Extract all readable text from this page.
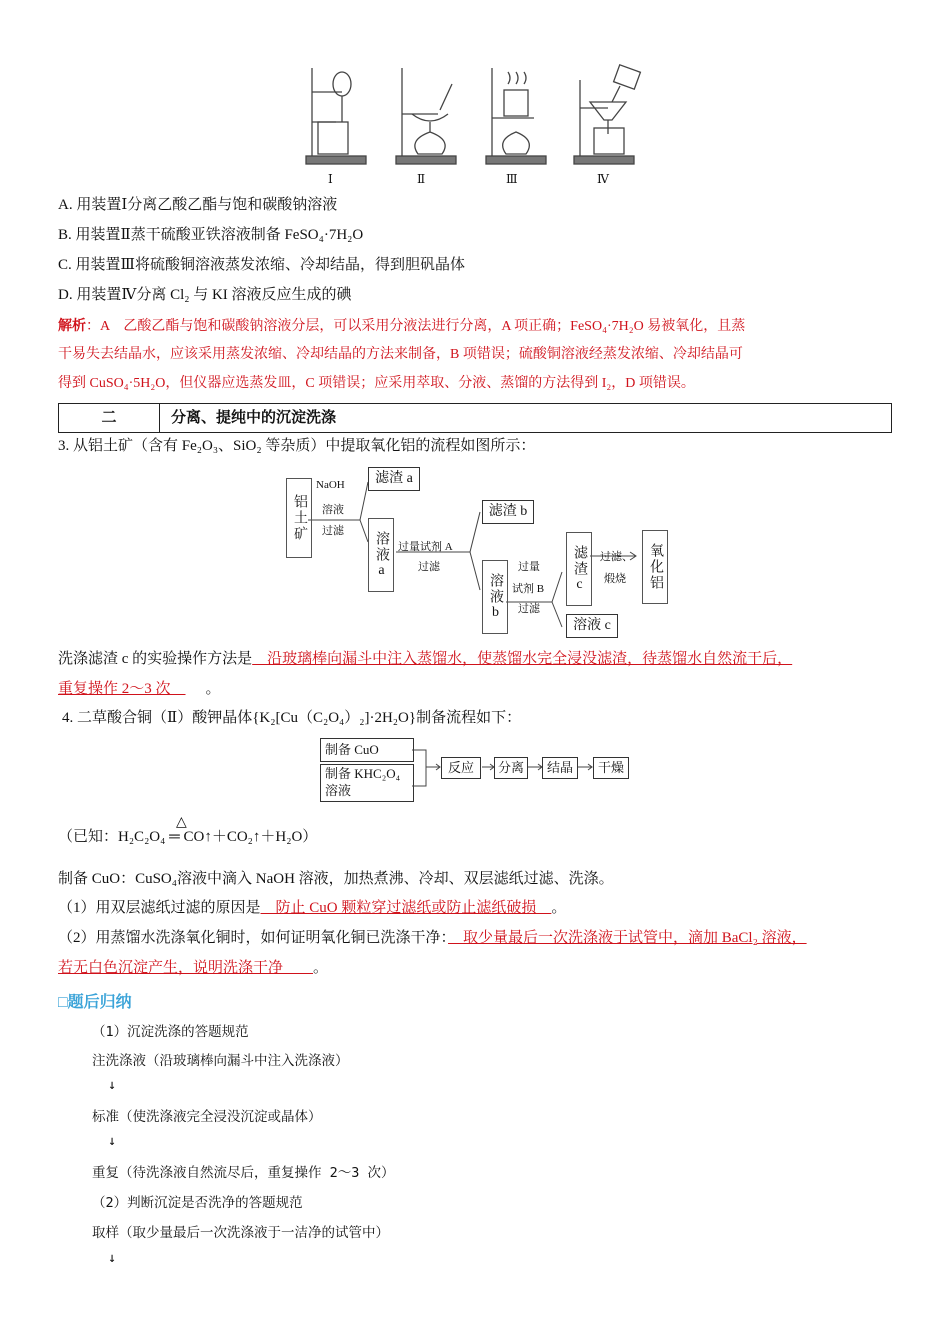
Ⅰ	Ⅱ	Ⅲ	Ⅳ
A. 用装置Ⅰ分离乙酸乙酯与饱和碳酸钠溶液
B. 用装置Ⅱ蒸干硫酸亚铁溶液制备 FeSO₄·7H₂O
C. 用装置Ⅲ将硫酸铜溶液蒸发浓缩、冷却结晶，得到胆矾晶体
D. 用装置Ⅳ分离 Cl₂ 与 KI 溶液反应生成的碘
解析：A　乙酸乙酯与饱和碳酸钠溶液分层，可以采用分液法进行分离，A 项正确；FeSO₄·7H₂O 易被氧化，且蒸
干易失去结晶水，应该采用蒸发浓缩、冷却结晶的方法来制备，B 项错误；硫酸铜溶液经蒸发浓缩、冷却结晶可
得到 CuSO₄·5H₂O，但仪器应选蒸发皿，C 项错误；应采用萃取、分液、蒸馏的方法得到 I₂，D 项错误。
二	分离、提纯中的沉淀洗涤
3. 从铝土矿（含有 Fe₂O₃、SiO₂ 等杂质）中提取氧化铝的流程如图所示：
铝土矿
NaOH
溶液
过滤
滤渣 a
溶液a 过量试剂 A
过滤
滤渣 b
溶液b
过量
试剂 B
过滤
滤渣c
溶液 c
过滤、
煅烧	氧化铝
洗涤滤渣 c 的实验操作方法是　沿玻璃棒向漏斗中注入蒸馏水，使蒸馏水完全浸没滤渣，待蒸馏水自然流干后，
重复操作 2～3 次　。
4. 二草酸合铜（Ⅱ）酸钾晶体{K₂[Cu（C₂O₄）₂]·2H₂O}制备流程如下：
制备 CuO
制备 KHC₂O₄
溶液
反应	分离	结晶	干燥
△
（已知：H₂C₂O₄ ═ CO↑＋CO₂↑＋H₂O）
制备 CuO：CuSO₄溶液中滴入 NaOH 溶液，加热煮沸、冷却、双层滤纸过滤、洗涤。
（1）用双层滤纸过滤的原因是　防止 CuO 颗粒穿过滤纸或防止滤纸破损　。
（2）用蒸馏水洗涤氧化铜时，如何证明氧化铜已洗涤干净：　取少量最后一次洗涤液于试管中，滴加 BaCl₂ 溶液，
若无白色沉淀产生，说明洗涤干净　　。
□题后归纳
（1）沉淀洗涤的答题规范
注洗涤液（沿玻璃棒向漏斗中注入洗涤液）
↓
标准（使洗涤液完全浸没沉淀或晶体）
↓
重复（待洗涤液自然流尽后，重复操作 2～3 次）
（2）判断沉淀是否洗净的答题规范
取样（取少量最后一次洗涤液于一洁净的试管中）
↓
